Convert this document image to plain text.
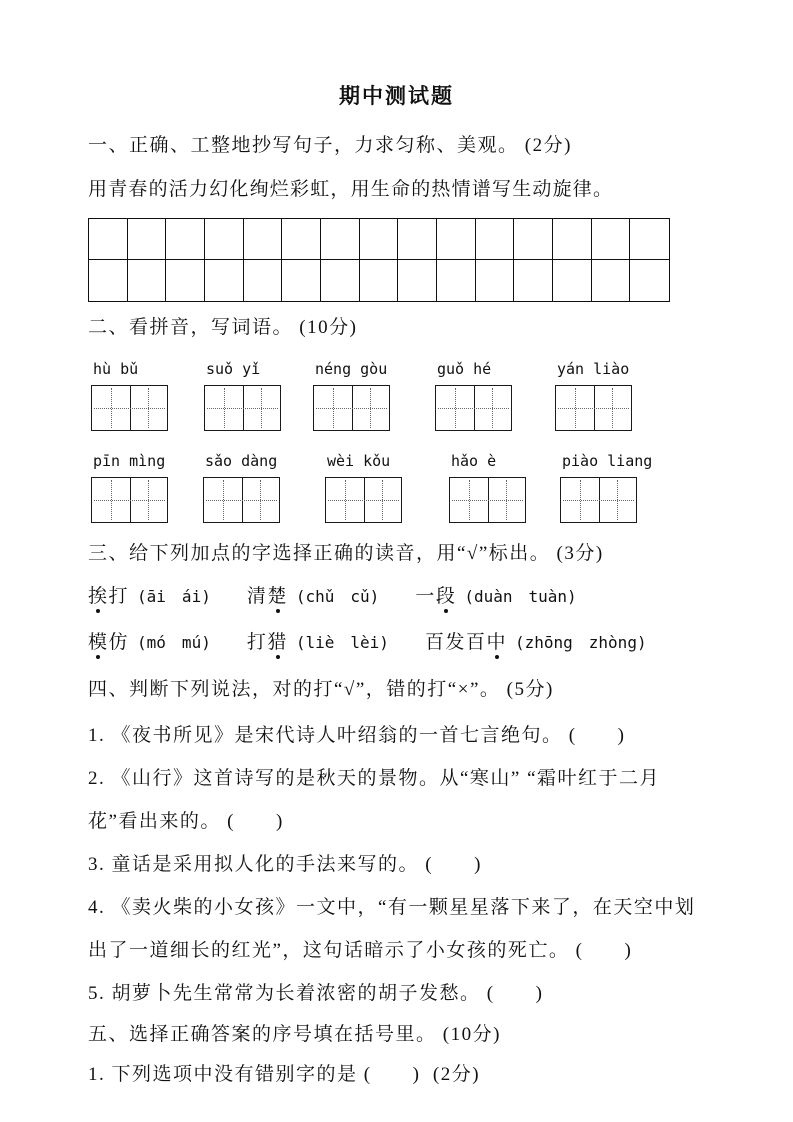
期中测试题
一、正确、工整地抄写句子，力求匀称、美观。 (2分)
用青春的活力幻化绚烂彩虹，用生命的热情谱写生动旋律。
二、看拼音，写词语。 (10分)
hù bǔ	suǒ yǐ	néng gòu	guǒ hé	yán liào
pīn mìng	sǎo dàng	wèi kǒu	hǎo è	piào liang
三、给下列加点的字选择正确的读音，用“√”标出。 (3分)
挨打 (āi　ái) 清楚 (chǔ　cǔ) 一段 (duàn　tuàn)
模仿 (mó　mú) 打猎 (liè　lèi) 百发百中 (zhōng　zhòng)
四、判断下列说法，对的打“√”，错的打“×”。 (5分)

1. 《夜书所见》是宋代诗人叶绍翁的一首七言绝句。 (　　)

2. 《山行》这首诗写的是秋天的景物。从“寒山” “霜叶红于二月花”看出来的。 (　　)

3. 童话是采用拟人化的手法来写的。 (　　)

4. 《卖火柴的小女孩》一文中，“有一颗星星落下来了，在天空中划出了一道细长的红光”，这句话暗示了小女孩的死亡。 (　　)

5. 胡萝卜先生常常为长着浓密的胡子发愁。 (　　)

五、选择正确答案的序号填在括号里。 (10分)

1. 下列选项中没有错别字的是 (　　)  (2分)
